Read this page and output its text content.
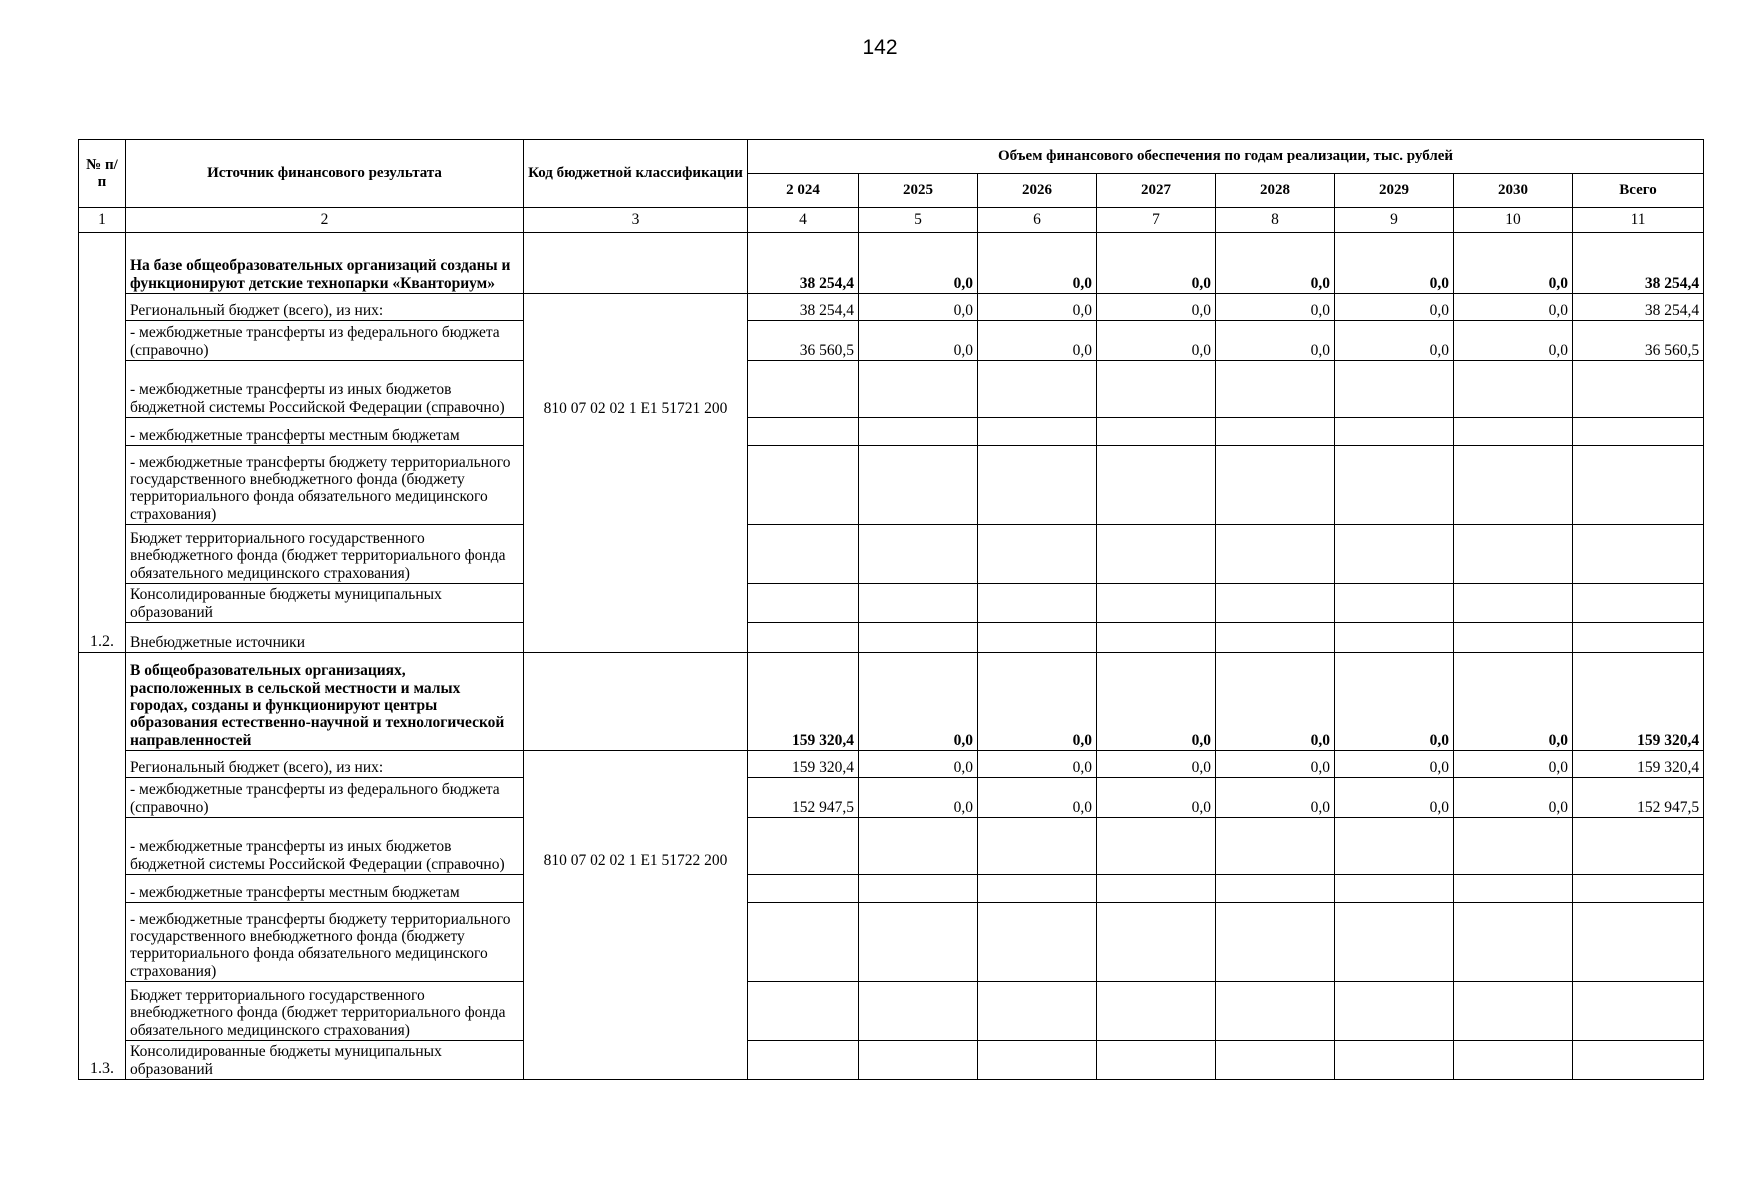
142
№ п/п	Источник финансового результата	Код бюджетной классификации	Объем финансового обеспечения по годам реализации, тыс. рублей							
			2 024	2025	2026	2027	2028	2029	2030	Всего
1	2	3	4	5	6	7	8	9	10	11
1.2.	На базе общеобразовательных организаций созданы и функционируют детские технопарки «Кванториум»		38 254,4	0,0	0,0	0,0	0,0	0,0	0,0	38 254,4
	Региональный бюджет (всего), из них:	810 07 02 02 1 E1 51721 200	38 254,4	0,0	0,0	0,0	0,0	0,0	0,0	38 254,4
	- межбюджетные трансферты из федерального бюджета (справочно)		36 560,5	0,0	0,0	0,0	0,0	0,0	0,0	36 560,5
	- межбюджетные трансферты из иных бюджетов бюджетной системы Российской Федерации (справочно)									
	- межбюджетные трансферты местным бюджетам									
	- межбюджетные трансферты бюджету территориального государственного внебюджетного фонда (бюджету территориального фонда обязательного медицинского страхования)									
	Бюджет территориального государственного внебюджетного фонда (бюджет территориального фонда обязательного медицинского страхования)									
	Консолидированные бюджеты муниципальных образований									
	Внебюджетные источники									
1.3.	В общеобразовательных организациях, расположенных в сельской местности и малых городах, созданы и функционируют центры образования естественно-научной и технологической направленностей		159 320,4	0,0	0,0	0,0	0,0	0,0	0,0	159 320,4
	Региональный бюджет (всего), из них:	810 07 02 02 1 E1 51722 200	159 320,4	0,0	0,0	0,0	0,0	0,0	0,0	159 320,4
	- межбюджетные трансферты из федерального бюджета (справочно)		152 947,5	0,0	0,0	0,0	0,0	0,0	0,0	152 947,5
	- межбюджетные трансферты из иных бюджетов бюджетной системы Российской Федерации (справочно)									
	- межбюджетные трансферты местным бюджетам									
	- межбюджетные трансферты бюджету территориального государственного внебюджетного фонда (бюджету территориального фонда обязательного медицинского страхования)									
	Бюджет территориального государственного внебюджетного фонда (бюджет территориального фонда обязательного медицинского страхования)									
	Консолидированные бюджеты муниципальных образований									
